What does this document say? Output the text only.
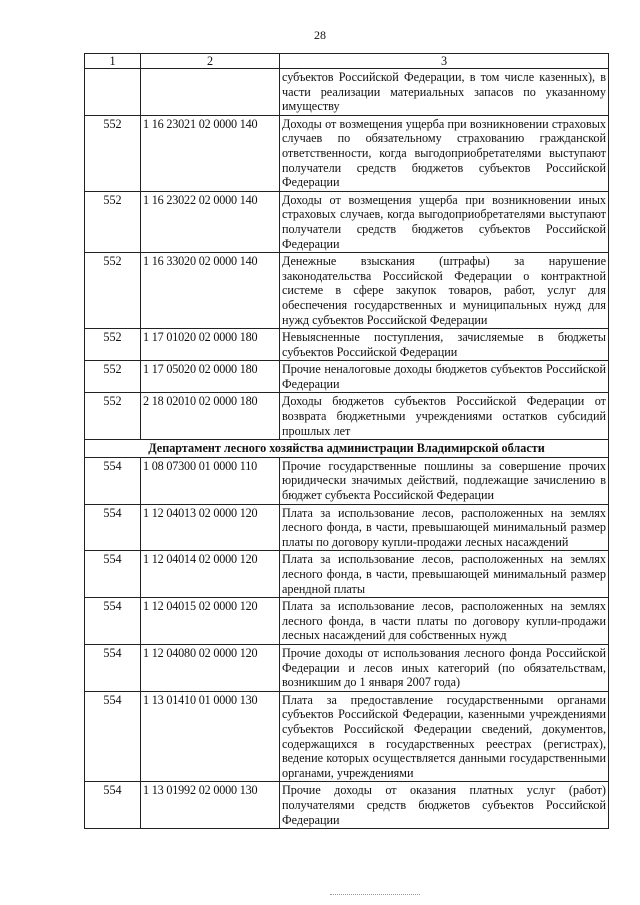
28
1	2	3
		субъектов Российской Федерации, в том числе казенных), в части реализации материальных запасов по указанному имуществу
552	1 16 23021 02 0000 140	Доходы от возмещения ущерба при возникновении страховых случаев по обязательному страхованию гражданской ответственности, когда выгодоприобретателями выступают получатели средств бюджетов субъектов Российской Федерации
552	1 16 23022 02 0000 140	Доходы от возмещения ущерба при возникновении иных страховых случаев, когда выгодоприобретателями выступают получатели средств бюджетов субъектов Российской Федерации
552	1 16 33020 02 0000 140	Денежные взыскания (штрафы) за нарушение законодательства Российской Федерации о контрактной системе в сфере закупок товаров, работ, услуг для обеспечения государственных и муниципальных нужд для нужд субъектов Российской Федерации
552	1 17 01020 02 0000 180	Невыясненные поступления, зачисляемые в бюджеты субъектов Российской Федерации
552	1 17 05020 02 0000 180	Прочие неналоговые доходы бюджетов субъектов Российской Федерации
552	2 18 02010 02 0000 180	Доходы бюджетов субъектов Российской Федерации от возврата бюджетными учреждениями остатков субсидий прошлых лет
Департамент лесного хозяйства администрации Владимирской области		
554	1 08 07300 01 0000 110	Прочие государственные пошлины за совершение прочих юридически значимых действий, подлежащие зачислению в бюджет субъекта Российской Федерации
554	1 12 04013 02 0000 120	Плата за использование лесов, расположенных на землях лесного фонда, в части, превышающей минимальный размер платы по договору купли-продажи лесных насаждений
554	1 12 04014 02 0000 120	Плата за использование лесов, расположенных на землях лесного фонда, в части, превышающей минимальный размер арендной платы
554	1 12 04015 02 0000 120	Плата за использование лесов, расположенных на землях лесного фонда, в части платы по договору купли-продажи лесных насаждений для собственных нужд
554	1 12 04080 02 0000 120	Прочие доходы от использования лесного фонда Российской Федерации и лесов иных категорий (по обязательствам, возникшим до 1 января 2007 года)
554	1 13 01410 01 0000 130	Плата за предоставление государственными органами субъектов Российской Федерации, казенными учреждениями субъектов Российской Федерации сведений, документов, содержащихся в государственных реестрах (регистрах), ведение которых осуществляется данными государственными органами, учреждениями
554	1 13 01992 02 0000 130	Прочие доходы от оказания платных услуг (работ) получателями средств бюджетов субъектов Российской Федерации
